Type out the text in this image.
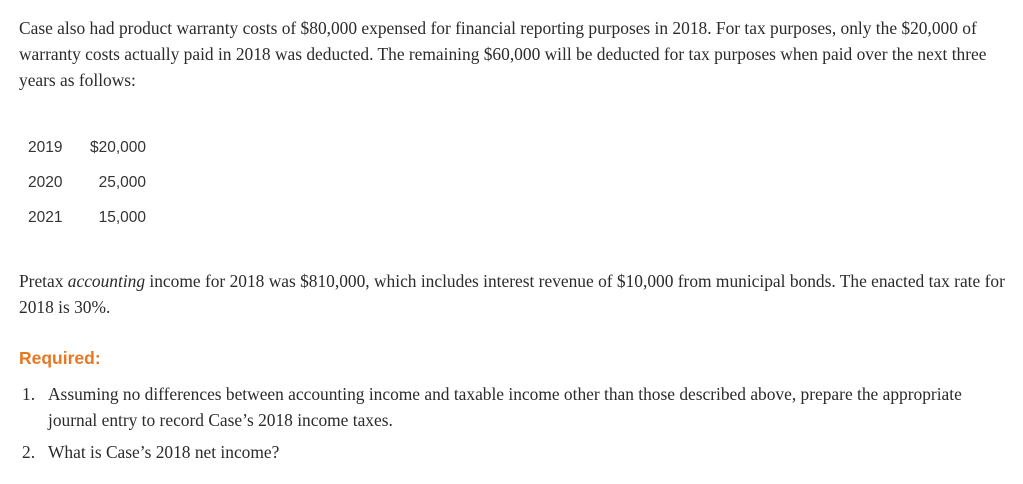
Case also had product warranty costs of $80,000 expensed for financial reporting purposes in 2018. For tax purposes, only the $20,000 of warranty costs actually paid in 2018 was deducted. The remaining $60,000 will be deducted for tax purposes when paid over the next three years as follows:

2019	$20,000
2020	25,000
2021	15,000

Pretax accounting income for 2018 was $810,000, which includes interest revenue of $10,000 from municipal bonds. The enacted tax rate for 2018 is 30%.

Required:
1. Assuming no differences between accounting income and taxable income other than those described above, prepare the appropriate journal entry to record Case’s 2018 income taxes.
2. What is Case’s 2018 net income?
